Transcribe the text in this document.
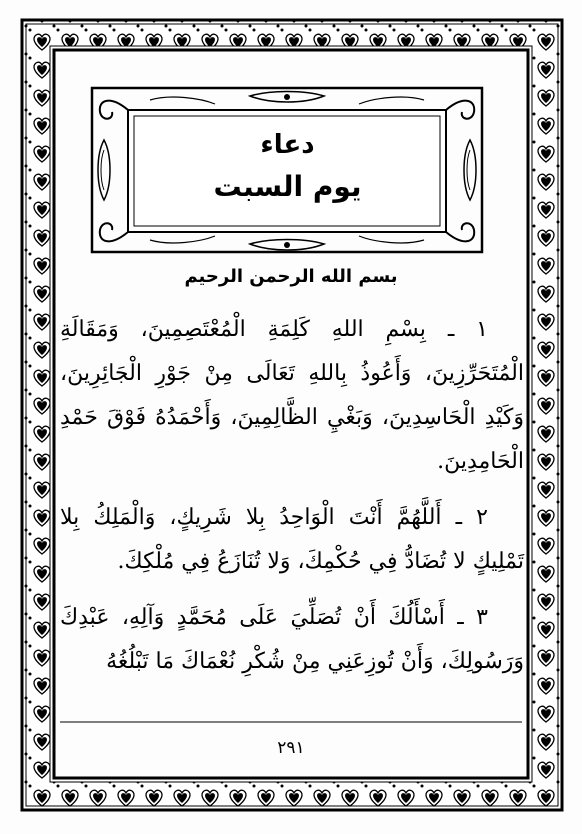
دعاء
يوم السبت
بسم الله الرحمن الرحيم

١ ـ بِسْمِ اللهِ كَلِمَةِ الْمُعْتَصِمِينَ، وَمَقَالَةِ الْمُتَحَرِّزِينَ، وَأَعُوذُ بِاللهِ تَعَالَى مِنْ جَوْرِ الْجَائِرِينَ، وَكَيْدِ الْحَاسِدِينَ، وَبَغْيِ الظَّالِمِينَ، وَأَحْمَدُهُ فَوْقَ حَمْدِ الْحَامِدِينَ.

٢ ـ أَللَّهُمَّ أَنْتَ الْوَاحِدُ بِلا شَرِيكٍ، وَالْمَلِكُ بِلا تَمْلِيكٍ لا تُضَادُّ فِي حُكْمِكَ، وَلا تُنَازَعُ فِي مُلْكِكَ.

٣ ـ أَسْأَلُكَ أَنْ تُصَلِّيَ عَلَى مُحَمَّدٍ وَآلِهِ، عَبْدِكَ وَرَسُولِكَ، وَأَنْ تُوزِعَنِي مِنْ شُكْرِ نُعْمَاكَ مَا تَبْلُغُهُ

٢٩١
